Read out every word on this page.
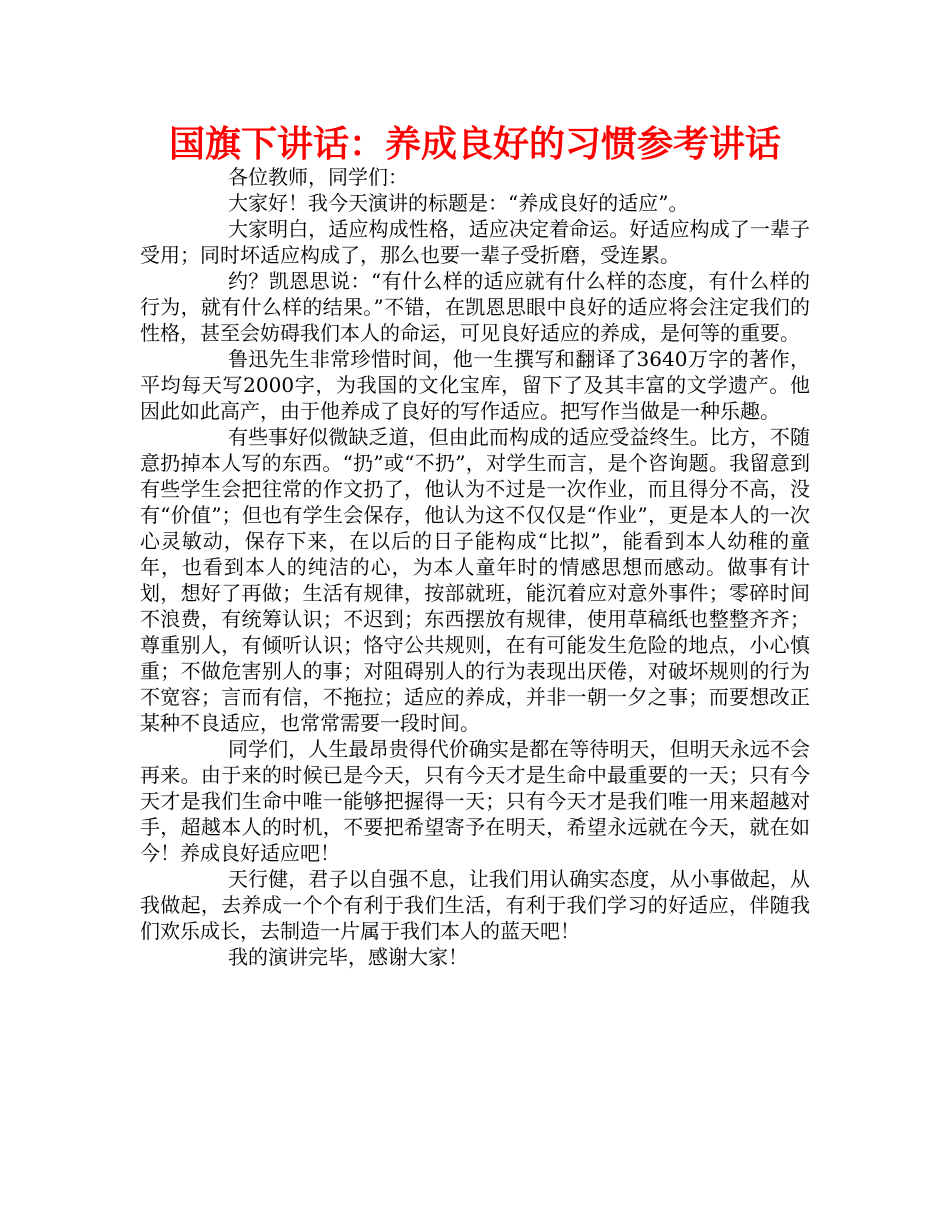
国旗下讲话：养成良好的习惯参考讲话

各位教师，同学们：

大家好！我今天演讲的标题是：“养成良好的适应”。

大家明白，适应构成性格，适应决定着命运。好适应构成了一辈子受用；同时坏适应构成了，那么也要一辈子受折磨，受连累。

约？凯恩思说：“有什么样的适应就有什么样的态度，有什么样的行为，就有什么样的结果。”不错，在凯恩思眼中良好的适应将会注定我们的性格，甚至会妨碍我们本人的命运，可见良好适应的养成，是何等的重要。

鲁迅先生非常珍惜时间，他一生撰写和翻译了3640万字的著作，平均每天写2000字，为我国的文化宝库，留下了及其丰富的文学遗产。他因此如此高产，由于他养成了良好的写作适应。把写作当做是一种乐趣。

有些事好似微缺乏道，但由此而构成的适应受益终生。比方，不随意扔掉本人写的东西。“扔”或“不扔”，对学生而言，是个咨询题。我留意到有些学生会把往常的作文扔了，他认为不过是一次作业，而且得分不高，没有“价值”；但也有学生会保存，他认为这不仅仅是“作业”，更是本人的一次心灵敏动，保存下来，在以后的日子能构成“比拟”，能看到本人幼稚的童年，也看到本人的纯洁的心，为本人童年时的情感思想而感动。做事有计划，想好了再做；生活有规律，按部就班，能沉着应对意外事件；零碎时间不浪费，有统筹认识；不迟到；东西摆放有规律，使用草稿纸也整整齐齐；尊重别人，有倾听认识；恪守公共规则，在有可能发生危险的地点，小心慎重；不做危害别人的事；对阻碍别人的行为表现出厌倦，对破坏规则的行为不宽容；言而有信，不拖拉；适应的养成，并非一朝一夕之事；而要想改正某种不良适应，也常常需要一段时间。

同学们，人生最昂贵得代价确实是都在等待明天，但明天永远不会再来。由于来的时候已是今天，只有今天才是生命中最重要的一天；只有今天才是我们生命中唯一能够把握得一天；只有今天才是我们唯一用来超越对手，超越本人的时机，不要把希望寄予在明天，希望永远就在今天，就在如今！养成良好适应吧！

天行健，君子以自强不息，让我们用认确实态度，从小事做起，从我做起，去养成一个个有利于我们生活，有利于我们学习的好适应，伴随我们欢乐成长，去制造一片属于我们本人的蓝天吧！

我的演讲完毕，感谢大家！
